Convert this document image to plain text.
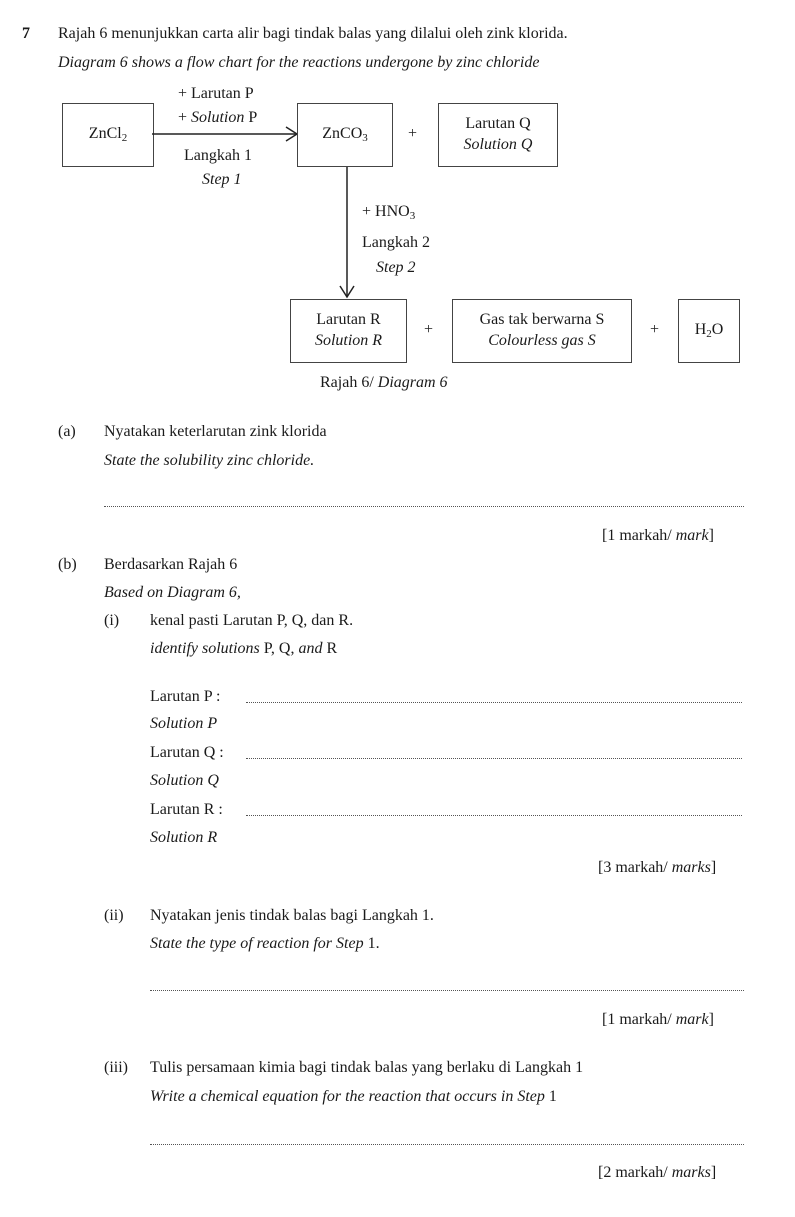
7 Rajah 6 menunjukkan carta alir bagi tindak balas yang dilalui oleh zink klorida.
Diagram 6 shows a flow chart for the reactions undergone by zinc chloride
ZnCl$_2$
+ Larutan P
+ Solution P
Langkah 1
Step 1
ZnCO$_3$	+
Larutan Q
Solution Q
+ $HNO_3$
Langkah 2
Step 2
Larutan R
Solution R
+
Gas tak berwarna S
Colourless gas S
+ $H_2O$
Rajah 6/ Diagram 6
(a) Nyatakan keterlarutan zink klorida
State the solubility zinc chloride.
[1 markah/ mark]
(b) Berdasarkan Rajah 6
Based on Diagram 6,
(i) kenal pasti Larutan P, Q, dan R.
identify solutions P, Q, and R
Larutan P :
Solution P
Larutan Q :
Solution Q
Larutan R :
Solution R
[3 markah/ marks]
(ii) Nyatakan jenis tindak balas bagi Langkah 1.
State the type of reaction for Step 1.
[1 markah/ mark]
(iii) Tulis persamaan kimia bagi tindak balas yang berlaku di Langkah 1
Write a chemical equation for the reaction that occurs in Step 1
[2 markah/ marks]
